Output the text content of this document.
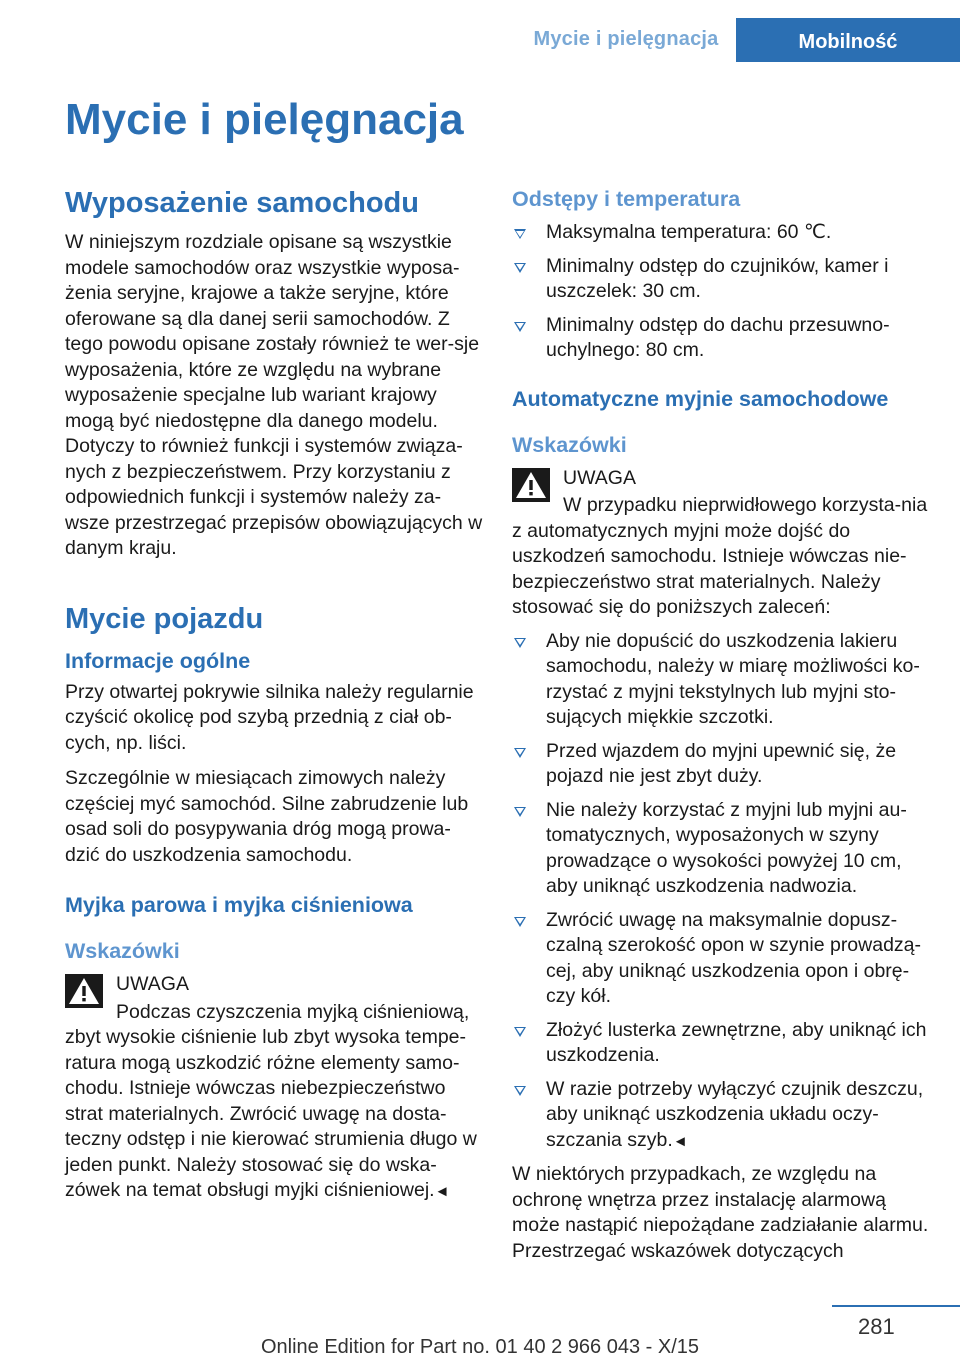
Mycie i pielęgnacja	Mobilność
Mycie i pielęgnacja
Wyposażenie samochodu

W niniejszym rozdziale opisane są wszystkie modele samochodów oraz wszystkie wyposa-żenia seryjne, krajowe a także seryjne, które oferowane są dla danej serii samochodów. Z tego powodu opisane zostały również te wer-sje wyposażenia, które ze względu na wybrane wyposażenie specjalne lub wariant krajowy mogą być niedostępne dla danego modelu. Dotyczy to również funkcji i systemów związa-nych z bezpieczeństwem. Przy korzystaniu z odpowiednich funkcji i systemów należy za-wsze przestrzegać przepisów obowiązujących w danym kraju.

Mycie pojazdu
Informacje ogólne

Przy otwartej pokrywie silnika należy regularnie czyścić okolicę pod szybą przednią z ciał ob-cych, np. liści.

Szczególnie w miesiącach zimowych należy częściej myć samochód. Silne zabrudzenie lub osad soli do posypywania dróg mogą prowa-dzić do uszkodzenia samochodu.

Myjka parowa i myjka ciśnieniowa
Wskazówki

UWAGA

Podczas czyszczenia myjką ciśnieniową, zbyt wysokie ciśnienie lub zbyt wysoka tempe-ratura mogą uszkodzić różne elementy samo-chodu. Istnieje wówczas niebezpieczeństwo strat materialnych. Zwrócić uwagę na dosta-teczny odstęp i nie kierować strumienia długo w jeden punkt. Należy stosować się do wska-zówek na temat obsługi myjki ciśnieniowej.◄

Odstępy i temperatura
Maksymalna temperatura: 60 ℃.
Minimalny odstęp do czujników, kamer i uszczelek: 30 cm.
Minimalny odstęp do dachu przesuwno-uchylnego: 80 cm.
Automatyczne myjnie samochodowe
Wskazówki

UWAGA

W przypadku nieprwidłowego korzysta-nia z automatycznych myjni może dojść do uszkodzeń samochodu. Istnieje wówczas nie-bezpieczeństwo strat materialnych. Należy stosować się do poniższych zaleceń:

Aby nie dopuścić do uszkodzenia lakieru samochodu, należy w miarę możliwości ko-rzystać z myjni tekstylnych lub myjni sto-sujących miękkie szczotki.
Przed wjazdem do myjni upewnić się, że pojazd nie jest zbyt duży.
Nie należy korzystać z myjni lub myjni au-tomatycznych, wyposażonych w szyny prowadzące o wysokości powyżej 10 cm, aby uniknąć uszkodzenia nadwozia.
Zwrócić uwagę na maksymalnie dopusz-czalną szerokość opon w szynie prowadzą-cej, aby uniknąć uszkodzenia opon i obrę-czy kół.
Złożyć lusterka zewnętrzne, aby uniknąć ich uszkodzenia.
W razie potrzeby wyłączyć czujnik deszczu, aby uniknąć uszkodzenia układu oczy-szczania szyb.◄

W niektórych przypadkach, ze względu na ochronę wnętrza przez instalację alarmową może nastąpić niepożądane zadziałanie alarmu. Przestrzegać wskazówek dotyczących

281
Online Edition for Part no. 01 40 2 966 043 - X/15
